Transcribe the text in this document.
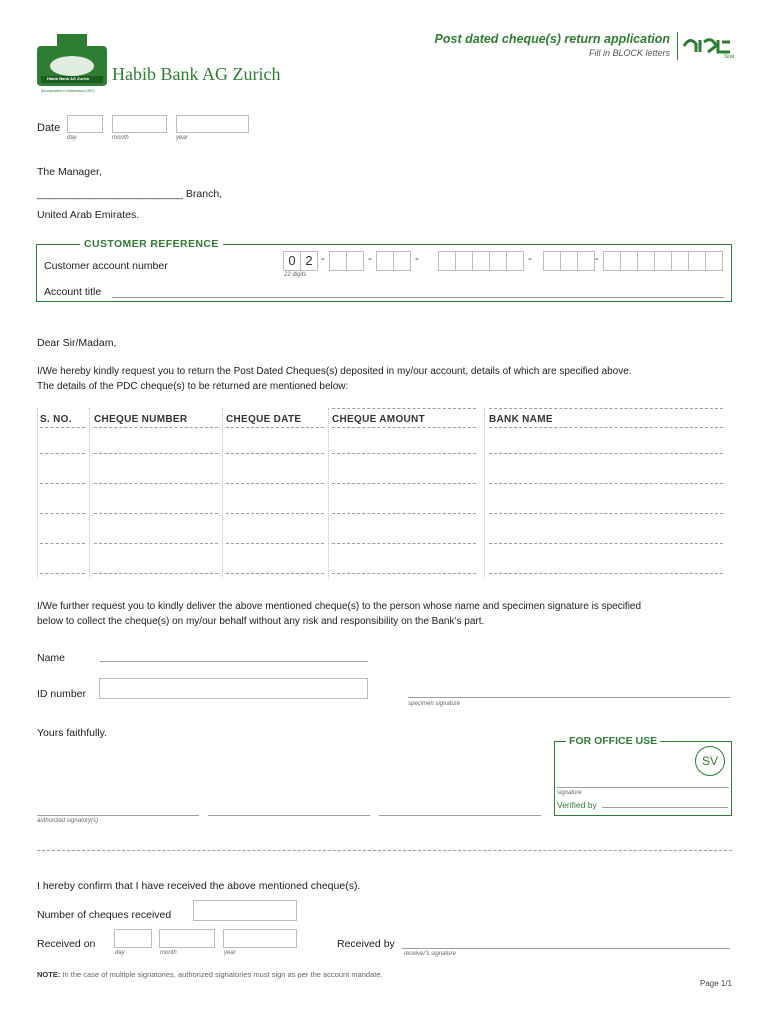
Habib Bank AG Zurich
(Incorporated in Switzerland 1967)
Habib Bank AG Zurich
Post dated cheque(s) return application
Fill in BLOCK letters	Sirat
Date
day	month	year
The Manager,
_________________________ Branch,
United Arab Emirates.
CUSTOMER REFERENCE
Customer account number	0 2 -	-	-	-	-
22 digits
Account title
Dear Sir/Madam,
I/We hereby kindly request you to return the Post Dated Cheques(s) deposited in my/our account, details of which are specified above.
The details of the PDC cheque(s) to be returned are mentioned below:
S. NO. CHEQUE NUMBER	CHEQUE DATE	CHEQUE AMOUNT	BANK NAME
I/We further request you to kindly deliver the above mentioned cheque(s) to the person whose name and specimen signature is specified
below to collect the cheque(s) on my/our behalf without any risk and responsibility on the Bank’s part.
Name
ID number
specimen signature
Yours faithfully.
authorized signatory(s)
FOR OFFICE USE
SV
signature
Verified by
I hereby confirm that I have received the above mentioned cheque(s).
Number of cheques received
Received on
day	month	year
Received by
receiver's signature
NOTE: In the case of multiple signatories, authorized signatories must sign as per the account mandate.
Page 1/1
